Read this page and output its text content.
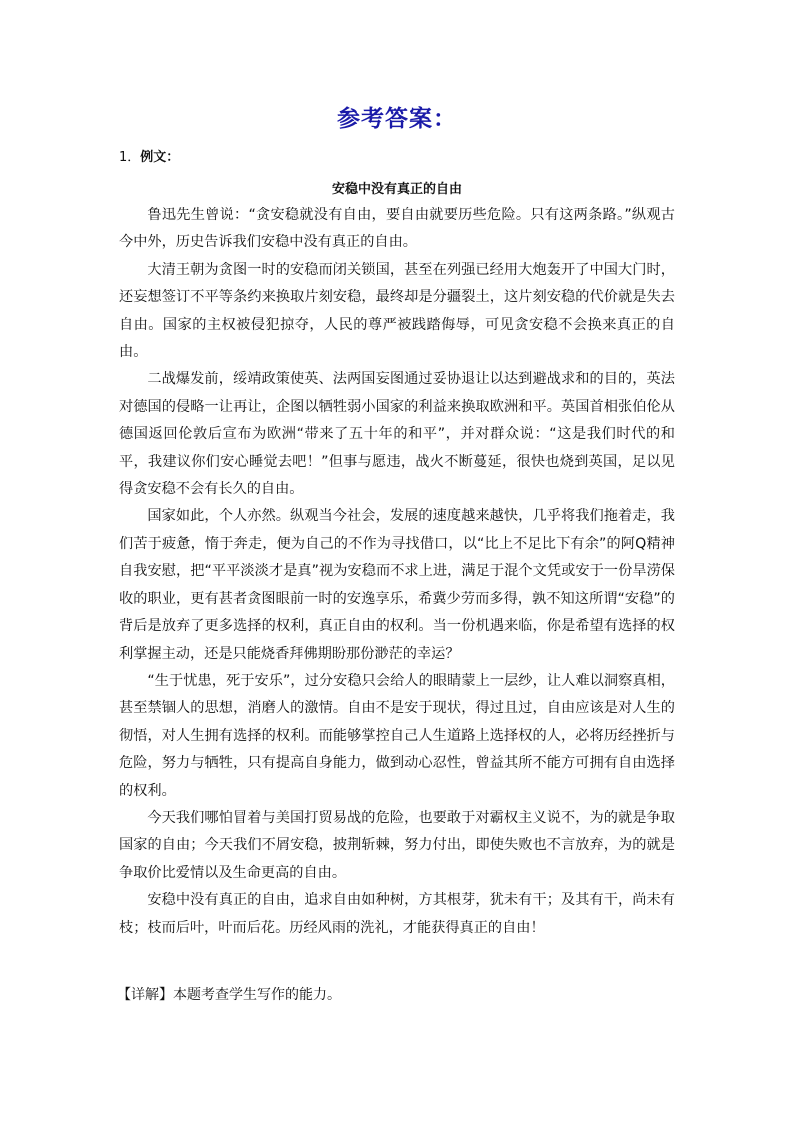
参考答案：
1．例文：
安稳中没有真正的自由

鲁迅先生曾说：“贪安稳就没有自由，要自由就要历些危险。只有这两条路。”纵观古今中外，历史告诉我们安稳中没有真正的自由。

大清王朝为贪图一时的安稳而闭关锁国，甚至在列强已经用大炮轰开了中国大门时，还妄想签订不平等条约来换取片刻安稳，最终却是分疆裂土，这片刻安稳的代价就是失去自由。国家的主权被侵犯掠夺，人民的尊严被践踏侮辱，可见贪安稳不会换来真正的自由。

二战爆发前，绥靖政策使英、法两国妄图通过妥协退让以达到避战求和的目的，英法对德国的侵略一让再让，企图以牺牲弱小国家的利益来换取欧洲和平。英国首相张伯伦从德国返回伦敦后宣布为欧洲“带来了五十年的和平”，并对群众说：“这是我们时代的和平，我建议你们安心睡觉去吧！”但事与愿违，战火不断蔓延，很快也烧到英国，足以见得贪安稳不会有长久的自由。

国家如此，个人亦然。纵观当今社会，发展的速度越来越快，几乎将我们拖着走，我们苦于疲惫，惰于奔走，便为自己的不作为寻找借口，以“比上不足比下有余”的阿Q精神自我安慰，把“平平淡淡才是真”视为安稳而不求上进，满足于混个文凭或安于一份旱涝保收的职业，更有甚者贪图眼前一时的安逸享乐，希冀少劳而多得，孰不知这所谓“安稳”的背后是放弃了更多选择的权利，真正自由的权利。当一份机遇来临，你是希望有选择的权利掌握主动，还是只能烧香拜佛期盼那份渺茫的幸运？

“生于忧患，死于安乐”，过分安稳只会给人的眼睛蒙上一层纱，让人难以洞察真相，甚至禁锢人的思想，消磨人的激情。自由不是安于现状，得过且过，自由应该是对人生的彻悟，对人生拥有选择的权利。而能够掌控自己人生道路上选择权的人，必将历经挫折与危险，努力与牺牲，只有提高自身能力，做到动心忍性，曾益其所不能方可拥有自由选择的权利。

今天我们哪怕冒着与美国打贸易战的危险，也要敢于对霸权主义说不，为的就是争取国家的自由；今天我们不屑安稳，披荆斩棘，努力付出，即使失败也不言放弃，为的就是争取价比爱情以及生命更高的自由。

安稳中没有真正的自由，追求自由如种树，方其根芽，犹未有干；及其有干，尚未有枝；枝而后叶，叶而后花。历经风雨的洗礼，才能获得真正的自由！

【详解】本题考查学生写作的能力。
